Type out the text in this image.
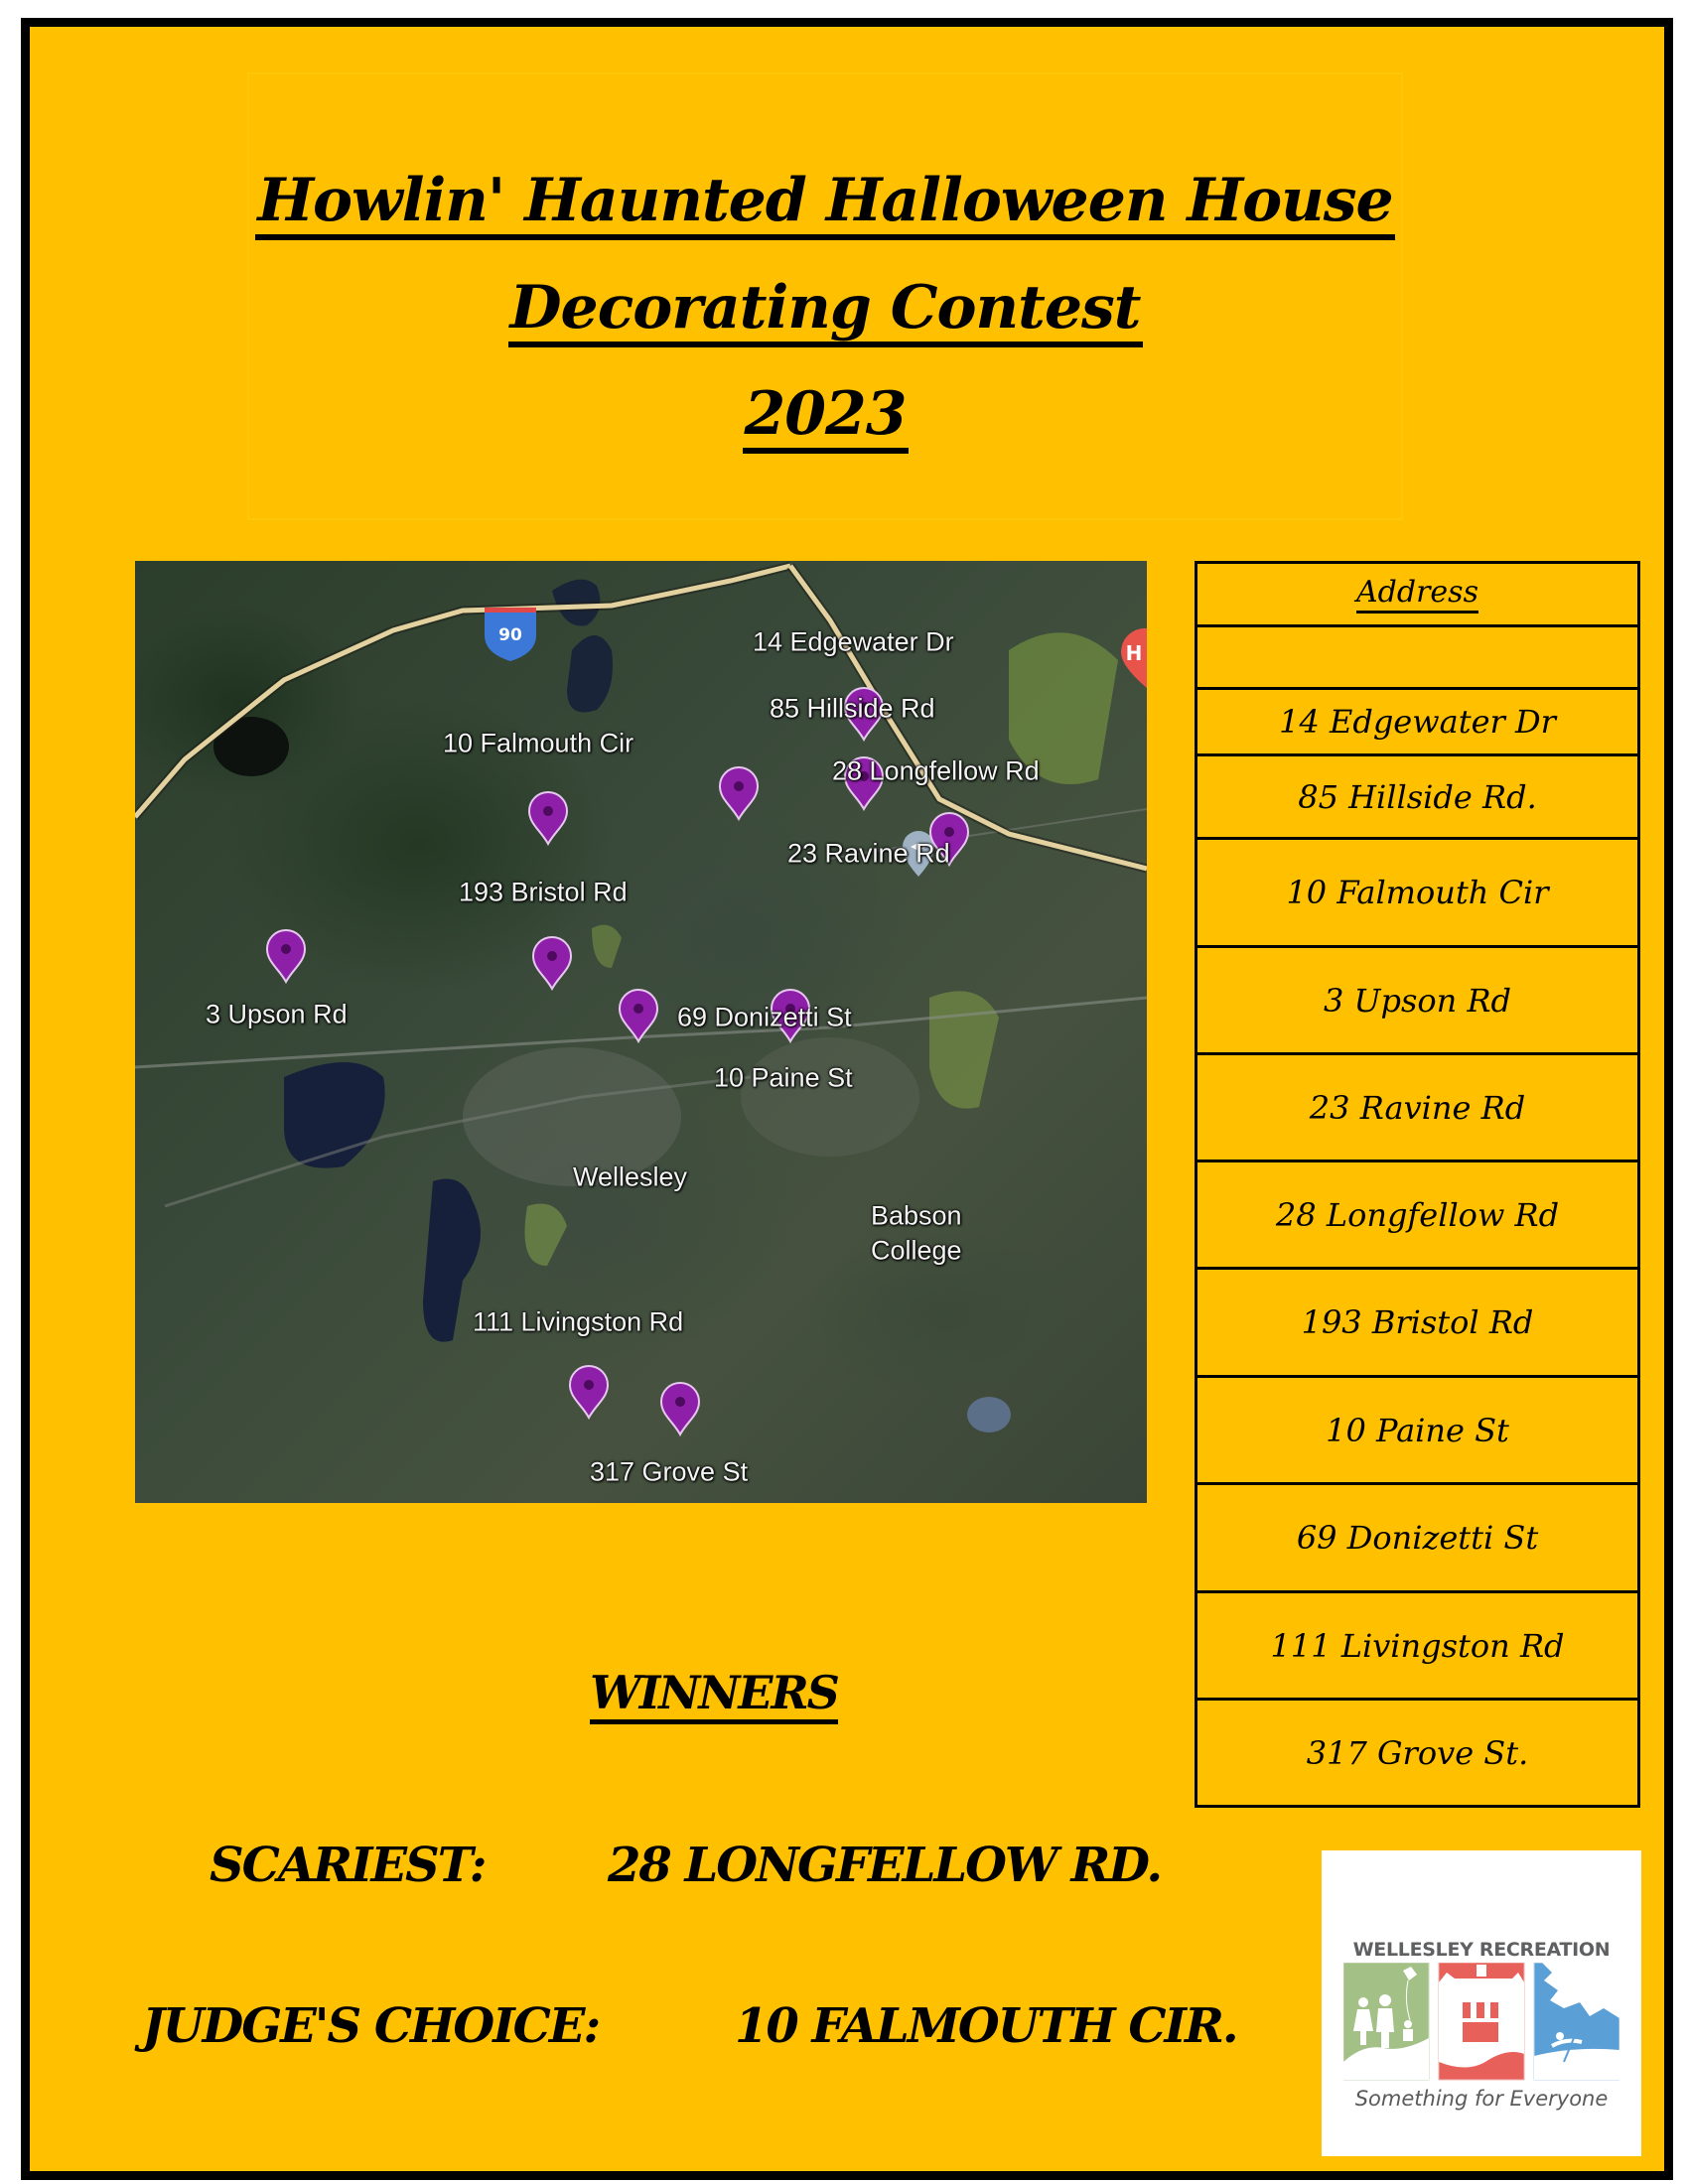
Howlin' Haunted Halloween House
Decorating Contest
2023
90
H
14 Edgewater Dr
85 Hillside Rd
10 Falmouth Cir
28 Longfellow Rd
23 Ravine Rd
193 Bristol Rd
3 Upson Rd	69 Donizetti St
10 Paine St
Wellesley
Babson
College
111 Livingston Rd
317 Grove St
Address
14 Edgewater Dr
85 Hillside Rd.
10 Falmouth Cir
3 Upson Rd
23 Ravine Rd
28 Longfellow Rd
193 Bristol Rd
10 Paine St
69 Donizetti St
111 Livingston Rd
317 Grove St.
WINNERS
SCARIEST:	28 LONGFELLOW RD.
JUDGE'S CHOICE:	10 FALMOUTH CIR.
WELLESLEY RECREATION
Something for Everyone
